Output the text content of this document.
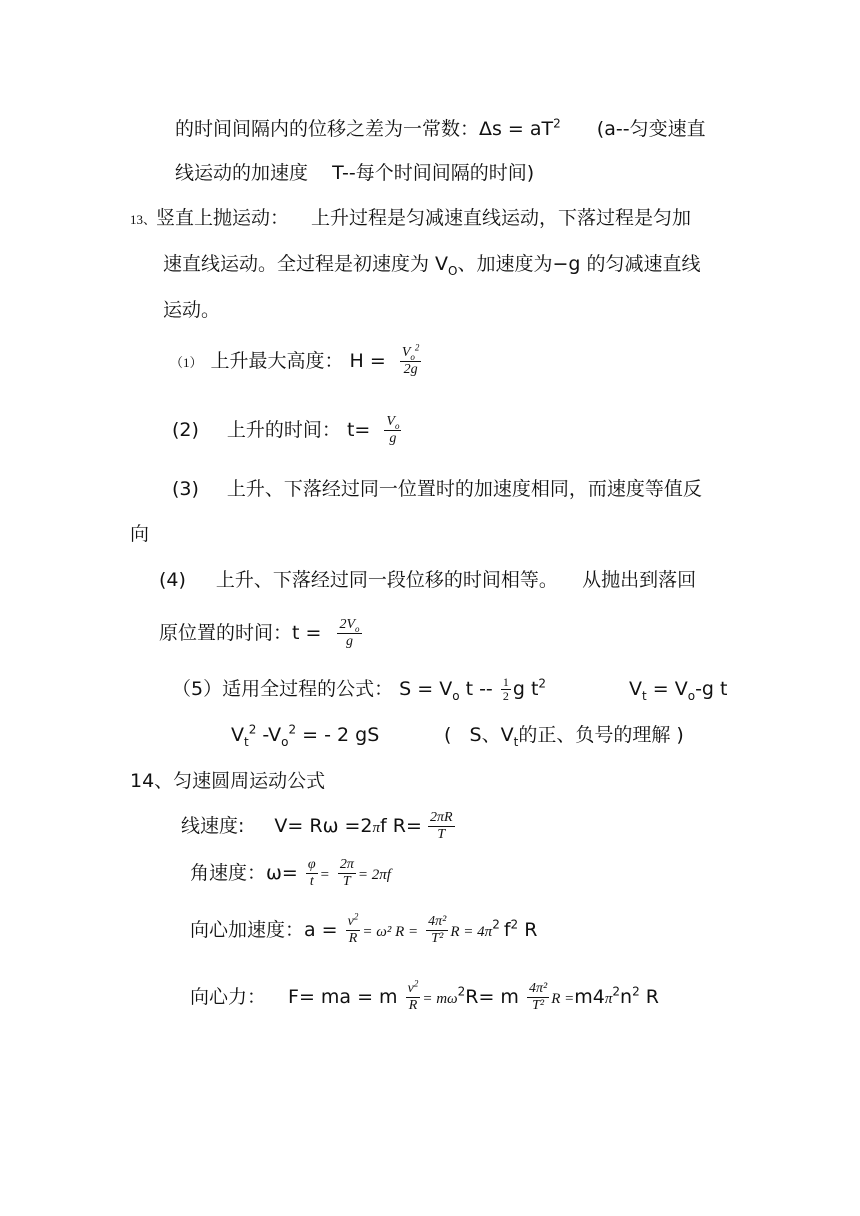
的时间间隔内的位移之差为一常数：$\Delta s = aT^2$ (a--匀变速直
线运动的加速度    T--每个时间间隔的时间)
13、竖直上抛运动： 上升过程是匀减速直线运动，下落过程是匀加
速直线运动。全过程是初速度为 $V_O$、加速度为−g 的匀减速直线
运动。
（1） 上升最大高度： $H = \frac{V_o^2}{2g}$
(2) 上升的时间： $t= \frac{V_o}{g}$
(3) 上升、下落经过同一位置时的加速度相同，而速度等值反
向
(4) 上升、下落经过同一段位移的时间相等。    从抛出到落回
原位置的时间：$t = \frac{2V_o}{g}$
（5）适用全过程的公式： $S = V_o$ t -- $\frac{1}{2}$ g $t^2$	$V_t = V_o-g$ t
$V_t^2$ $-V_o^2$ = - 2 gS	(   S、$V_t$的正、负号的理解 )
14、匀速圆周运动公式
线速度: V= Rω =2πf $R= \frac{2\pi R}{T}$
角速度：$\omega= \frac{\varphi}{t} = \frac{2\pi}{T} = 2\pi f$
向心加速度：$a = \frac{v^2}{R} = \omega^2$ $R = \frac{\text{4π²}}{\text{T²}}$ $R = 4\pi^2$ $f^2$ R
向心力： F= ma = m $\frac{v^2}{R} = m\omega^2R= m \frac{\text{4π²}}{\text{T²}}$ $R =m4\pi^2n^2$ R
